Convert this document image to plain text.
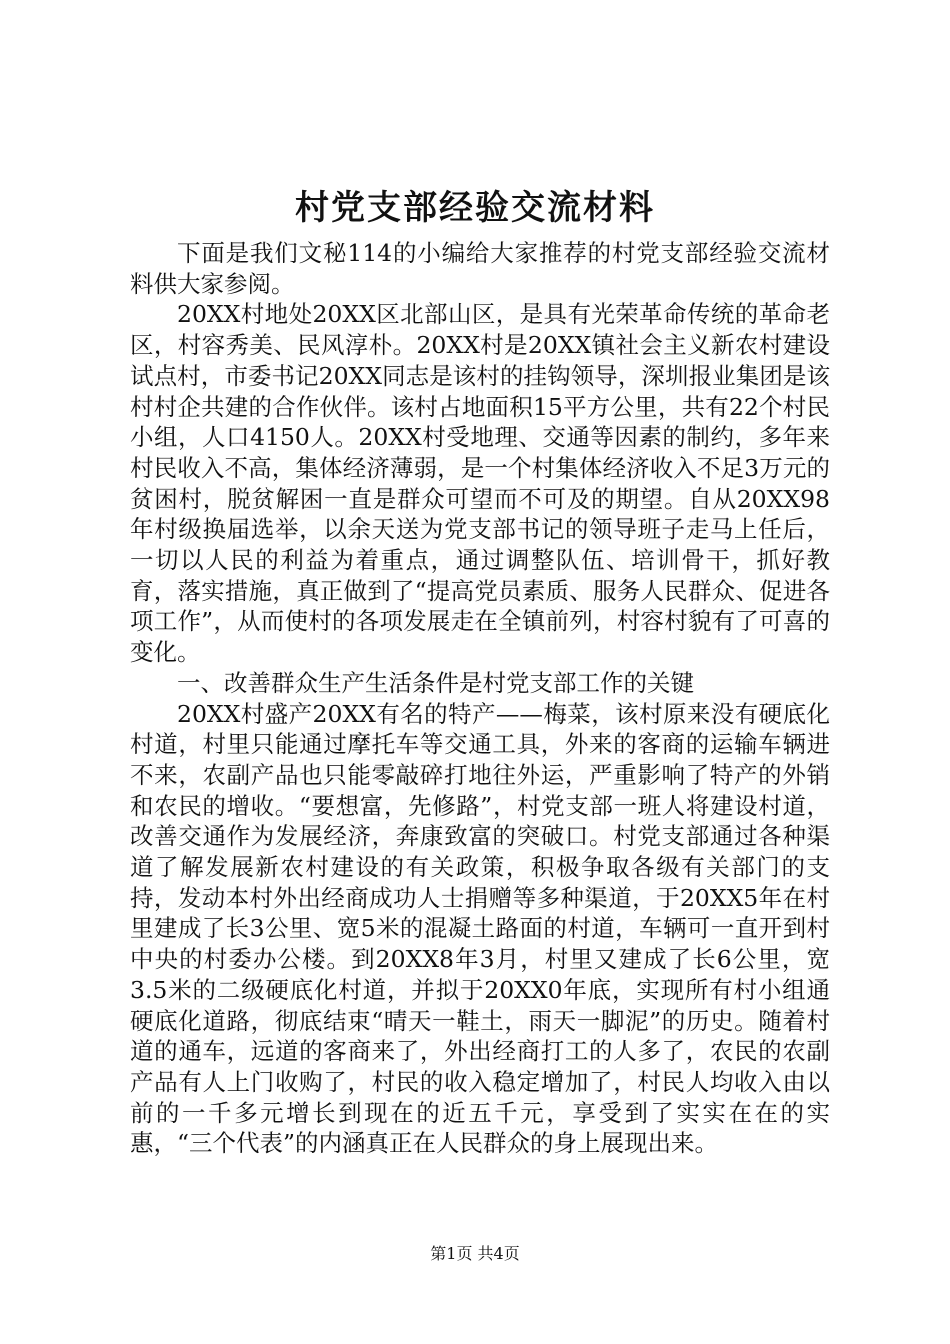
村党支部经验交流材料

下面是我们文秘114的小编给大家推荐的村党支部经验交流材料供大家参阅。

20XX村地处20XX区北部山区，是具有光荣革命传统的革命老区，村容秀美、民风淳朴。20XX村是20XX镇社会主义新农村建设试点村，市委书记20XX同志是该村的挂钩领导，深圳报业集团是该村村企共建的合作伙伴。该村占地面积15平方公里，共有22个村民小组，人口4150人。20XX村受地理、交通等因素的制约，多年来村民收入不高，集体经济薄弱，是一个村集体经济收入不足3万元的贫困村，脱贫解困一直是群众可望而不可及的期望。自从20XX98年村级换届选举，以余天送为党支部书记的领导班子走马上任后，一切以人民的利益为着重点，通过调整队伍、培训骨干，抓好教育，落实措施，真正做到了“提高党员素质、服务人民群众、促进各项工作”，从而使村的各项发展走在全镇前列，村容村貌有了可喜的变化。

一、改善群众生产生活条件是村党支部工作的关键

20XX村盛产20XX有名的特产——梅菜，该村原来没有硬底化村道，村里只能通过摩托车等交通工具，外来的客商的运输车辆进不来，农副产品也只能零敲碎打地往外运，严重影响了特产的外销和农民的增收。“要想富，先修路”，村党支部一班人将建设村道，改善交通作为发展经济，奔康致富的突破口。村党支部通过各种渠道了解发展新农村建设的有关政策，积极争取各级有关部门的支持，发动本村外出经商成功人士捐赠等多种渠道，于20XX5年在村里建成了长3公里、宽5米的混凝土路面的村道，车辆可一直开到村中央的村委办公楼。到20XX8年3月，村里又建成了长6公里，宽3.5米的二级硬底化村道，并拟于20XX0年底，实现所有村小组通硬底化道路，彻底结束“晴天一鞋土，雨天一脚泥”的历史。随着村道的通车，远道的客商来了，外出经商打工的人多了，农民的农副产品有人上门收购了，村民的收入稳定增加了，村民人均收入由以前的一千多元增长到现在的近五千元，享受到了实实在在的实惠，“三个代表”的内涵真正在人民群众的身上展现出来。

第1页 共4页
